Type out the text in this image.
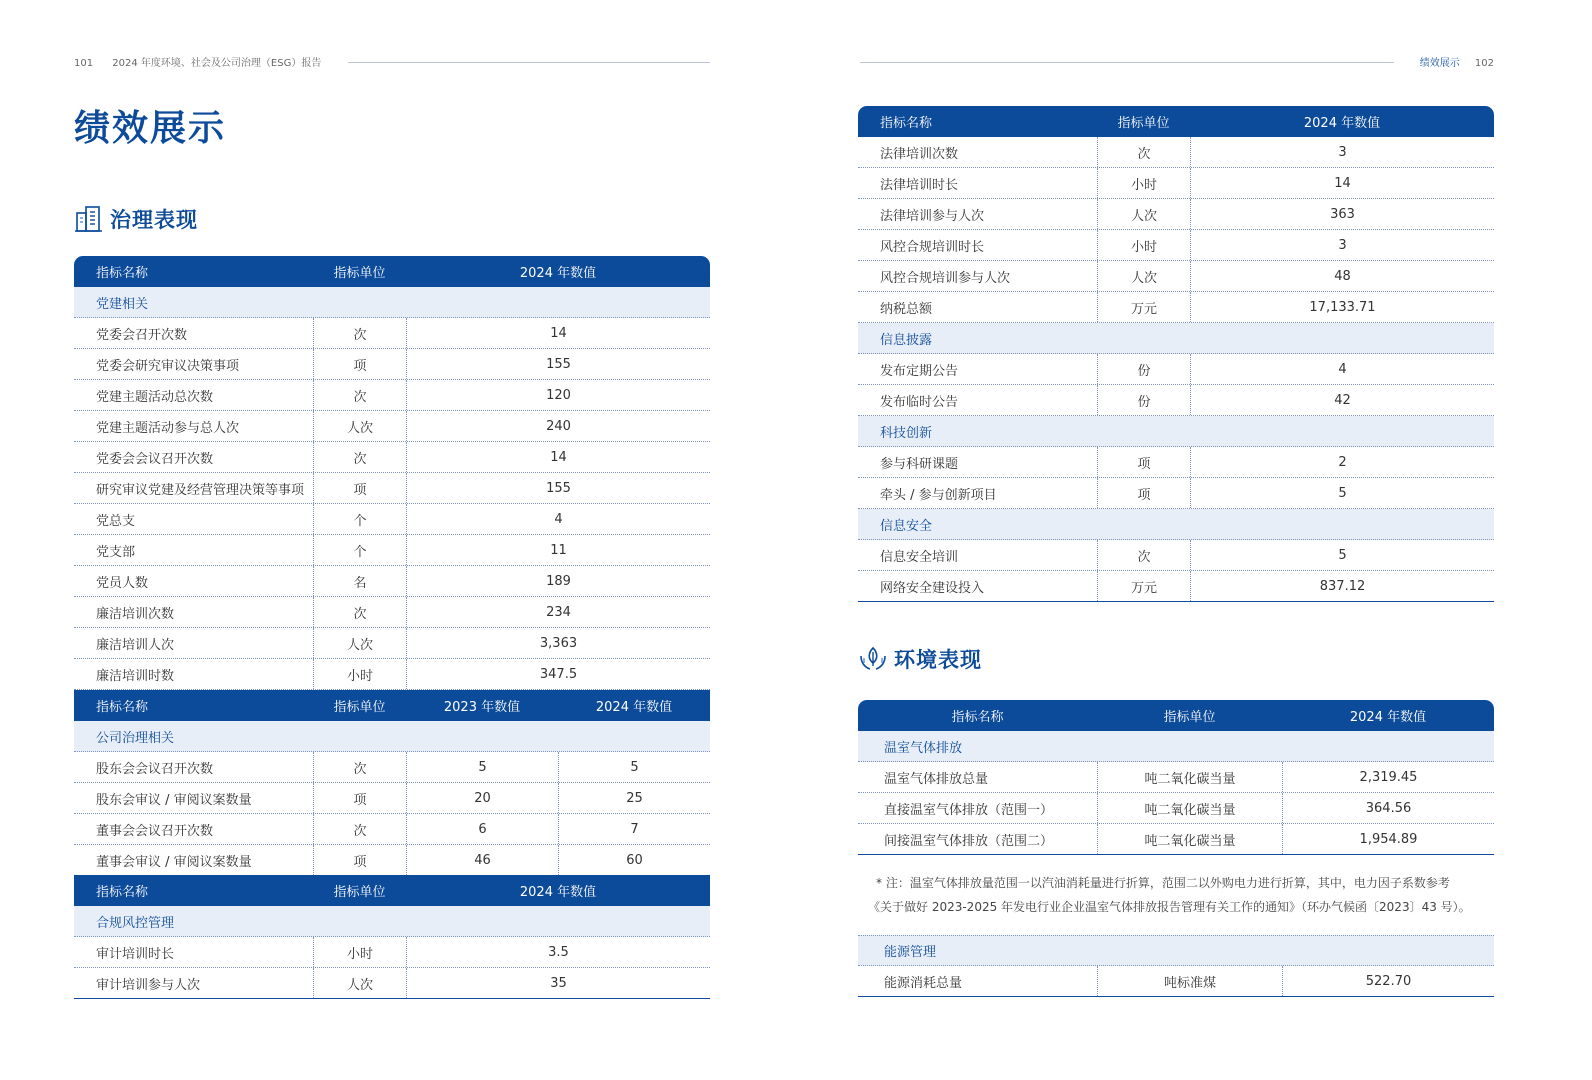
101 2024 年度环境、社会及公司治理（ESG）报告
绩效展示
治理表现
指标名称	指标单位	2024 年数值
党建相关
党委会召开次数	次	14
党委会研究审议决策事项	项	155
党建主题活动总次数	次	120
党建主题活动参与总人次	人次	240
党委会会议召开次数	次	14
研究审议党建及经营管理决策等事项	项	155
党总支	个	4
党支部	个	11
党员人数	名	189
廉洁培训次数	次	234
廉洁培训人次	人次	3,363
廉洁培训时数	小时	347.5
指标名称	指标单位	2023 年数值	2024 年数值
公司治理相关
股东会会议召开次数	次	5	5
股东会审议 / 审阅议案数量	项	20	25
董事会会议召开次数	次	6	7
董事会审议 / 审阅议案数量	项	46	60
指标名称	指标单位	2024 年数值
合规风控管理
审计培训时长	小时	3.5
审计培训参与人次	人次	35
绩效展示 102
指标名称	指标单位	2024 年数值
法律培训次数	次	3
法律培训时长	小时	14
法律培训参与人次	人次	363
风控合规培训时长	小时	3
风控合规培训参与人次	人次	48
纳税总额	万元	17,133.71
信息披露
发布定期公告	份	4
发布临时公告	份	42
科技创新
参与科研课题	项	2
牵头 / 参与创新项目	项	5
信息安全
信息安全培训	次	5
网络安全建设投入	万元	837.12
环境表现
指标名称	指标单位	2024 年数值
温室气体排放
温室气体排放总量	吨二氧化碳当量	2,319.45
直接温室气体排放（范围一）	吨二氧化碳当量	364.56
间接温室气体排放（范围二）	吨二氧化碳当量	1,954.89
* 注：温室气体排放量范围一以汽油消耗量进行折算，范围二以外购电力进行折算，其中，电力因子系数参考
《关于做好 2023-2025 年发电行业企业温室气体排放报告管理有关工作的通知》（环办气候函〔2023〕43 号）。
能源管理
能源消耗总量	吨标准煤	522.70
